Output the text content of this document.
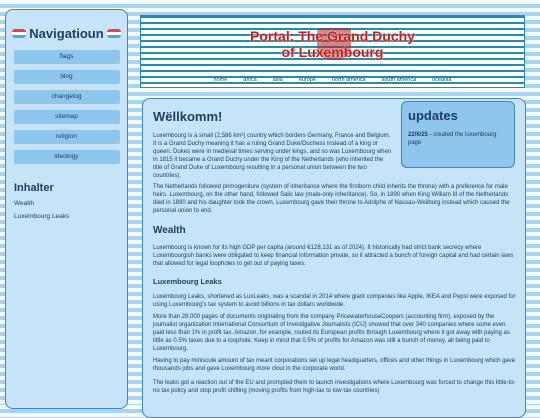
Navigatioun
flags
blog
changelog
sitemap
religion
ideology
Inhalter
Wealth
Luxembourg Leaks
Portal: The Grand Duchy
of Luxembourg
home	africa	asia	europe	north america	south america	oceania
Wëllkomm!
Luxembourg is a small (2,586 km²) country which borders Germany, France and Belgium. It is a Grand Duchy meaning it has a ruling Grand Duke/Duchess instead of a king or queen. Dukes were in medieval times serving under kings, and so was Luxembourg when in 1815 it became a Grand Duchy under the King of the Netherlands (who inherited the title of Grand Duke of Luxembourg resulting in a personal union between the two countries).
updates
22/6/25 - created the luxembourg page

The Netherlands followed primogeniture (system of inheritance where the firstborn child inherits the throne) with a preference for male heirs. Luxembourg, on the other hand, followed Salic law (male-only inheritance). So, in 1890 when King William III of the Netherlands died in 1890 and his daughter took the crown, Luxembourg gave their throne to Adolphe of Nassau-Weilburg instead which caused the personal union to end.

Wealth

Luxembourg is known for its high GDP per capita (around €128,131 as of 2024). It historically had strict bank secrecy where Luxembourgish banks were obligated to keep financial information private, so it attracted a bunch of foreign capital and had certain laws that allowed for legal loopholes to get out of paying taxes.

Luxembourg Leaks

Luxembourg Leaks, shortened as LuxLeaks, was a scandal in 2014 where giant companies like Apple, IKEA and Pepsi were exposed for using Luxembourg's tax system to avoid billions in tax dollars worldwide.

More than 28,000 pages of documents originating from the company PricewaterhouseCoopers (accounting firm), exposed by the journalist organization International Consortium of Investigative Journalists (ICIJ) showed that over 340 companies where some even paid less than 1% in profit tax. Amazon, for example, routed its European profits through Luxembourg where it got away with paying as little as 0.5% taxes due to a loophole. Keep in mind that 0.5% of profits for Amazon was still a bunch of money, all being paid to Luxembourg.

Having to pay miniscule amount of tax meant corporations set up legal headquarters, offices and other things in Luxembourg which gave thousands jobs and gave Luxembourg more clout in the corporate world.

The leaks got a reaction out of the EU and prompted them to launch investigations where Luxembourg was forced to change this little-to-no tax policy and stop profit shifting (moving profits from high-tax to low tax countries)
